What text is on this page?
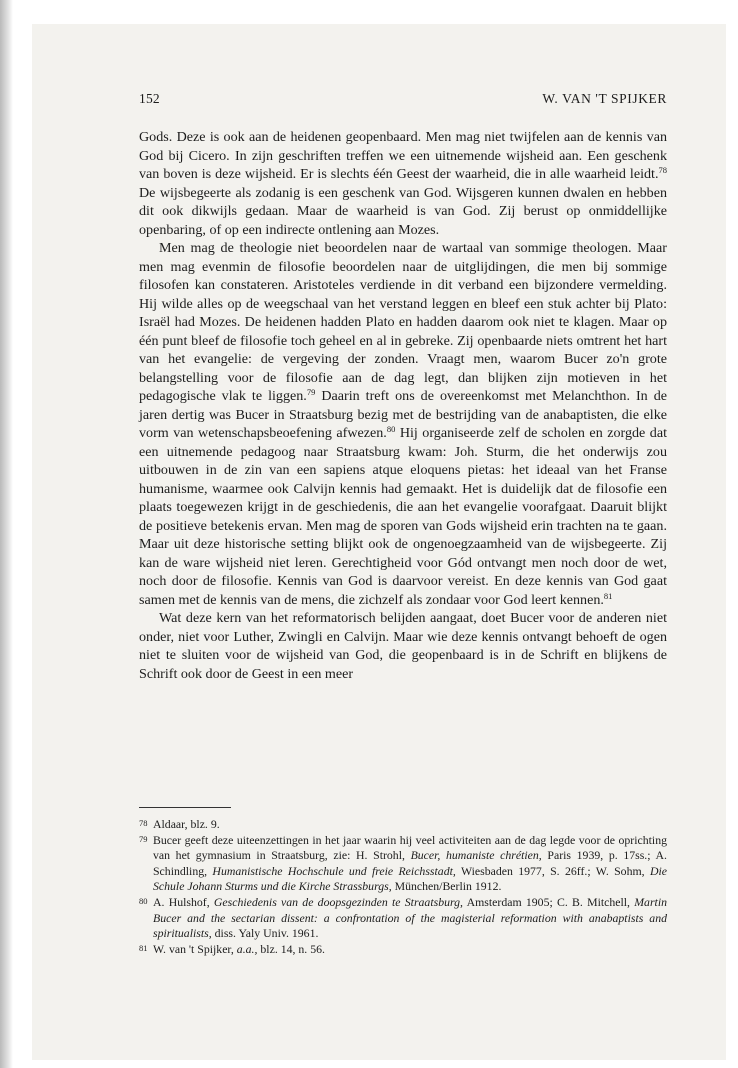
152	W. VAN 'T SPIJKER

Gods. Deze is ook aan de heidenen geopenbaard. Men mag niet twijfelen aan de kennis van God bij Cicero. In zijn geschriften treffen we een uitnemende wijsheid aan. Een geschenk van boven is deze wijsheid. Er is slechts één Geest der waarheid, die in alle waarheid leidt.$^{78}$ De wijsbegeerte als zodanig is een geschenk van God. Wijsgeren kunnen dwalen en hebben dit ook dikwijls gedaan. Maar de waarheid is van God. Zij berust op onmiddellijke openbaring, of op een indirecte ontlening aan Mozes.

Men mag de theologie niet beoordelen naar de wartaal van sommige theologen. Maar men mag evenmin de filosofie beoordelen naar de uitglijdingen, die men bij sommige filosofen kan constateren. Aristoteles verdiende in dit verband een bijzondere vermelding. Hij wilde alles op de weegschaal van het verstand leggen en bleef een stuk achter bij Plato: Israël had Mozes. De heidenen hadden Plato en hadden daarom ook niet te klagen. Maar op één punt bleef de filosofie toch geheel en al in gebreke. Zij openbaarde niets omtrent het hart van het evangelie: de vergeving der zonden. Vraagt men, waarom Bucer zo'n grote belangstelling voor de filosofie aan de dag legt, dan blijken zijn motieven in het pedagogische vlak te liggen.$^{79}$ Daarin treft ons de overeenkomst met Melanchthon. In de jaren dertig was Bucer in Straatsburg bezig met de bestrijding van de anabaptisten, die elke vorm van wetenschapsbeoefening afwezen.$^{80}$ Hij organiseerde zelf de scholen en zorgde dat een uitnemende pedagoog naar Straatsburg kwam: Joh. Sturm, die het onderwijs zou uitbouwen in de zin van een sapiens atque eloquens pietas: het ideaal van het Franse humanisme, waarmee ook Calvijn kennis had gemaakt. Het is duidelijk dat de filosofie een plaats toegewezen krijgt in de geschiedenis, die aan het evangelie voorafgaat. Daaruit blijkt de positieve betekenis ervan. Men mag de sporen van Gods wijsheid erin trachten na te gaan. Maar uit deze historische setting blijkt ook de ongenoegzaamheid van de wijsbegeerte. Zij kan de ware wijsheid niet leren. Gerechtigheid voor Gód ontvangt men noch door de wet, noch door de filosofie. Kennis van God is daarvoor vereist. En deze kennis van God gaat samen met de kennis van de mens, die zichzelf als zondaar voor God leert kennen.$^{81}$

Wat deze kern van het reformatorisch belijden aangaat, doet Bucer voor de anderen niet onder, niet voor Luther, Zwingli en Calvijn. Maar wie deze kennis ontvangt behoeft de ogen niet te sluiten voor de wijsheid van God, die geopenbaard is in de Schrift en blijkens de Schrift ook door de Geest in een meer

78 Aldaar, blz. 9.
79 Bucer geeft deze uiteenzettingen in het jaar waarin hij veel activiteiten aan de dag legde voor de oprichting van het gymnasium in Straatsburg, zie: H. Strohl, Bucer, humaniste chrétien, Paris 1939, p. 17ss.; A. Schindling, Humanistische Hochschule und freie Reichsstadt, Wiesbaden 1977, S. 26ff.; W. Sohm, Die Schule Johann Sturms und die Kirche Strassburgs, München/Berlin 1912.
80 A. Hulshof, Geschiedenis van de doopsgezinden te Straatsburg, Amsterdam 1905; C. B. Mitchell, Martin Bucer and the sectarian dissent: a confrontation of the magisterial reformation with anabaptists and spiritualists, diss. Yaly Univ. 1961.
81 W. van 't Spijker, a.a., blz. 14, n. 56.
